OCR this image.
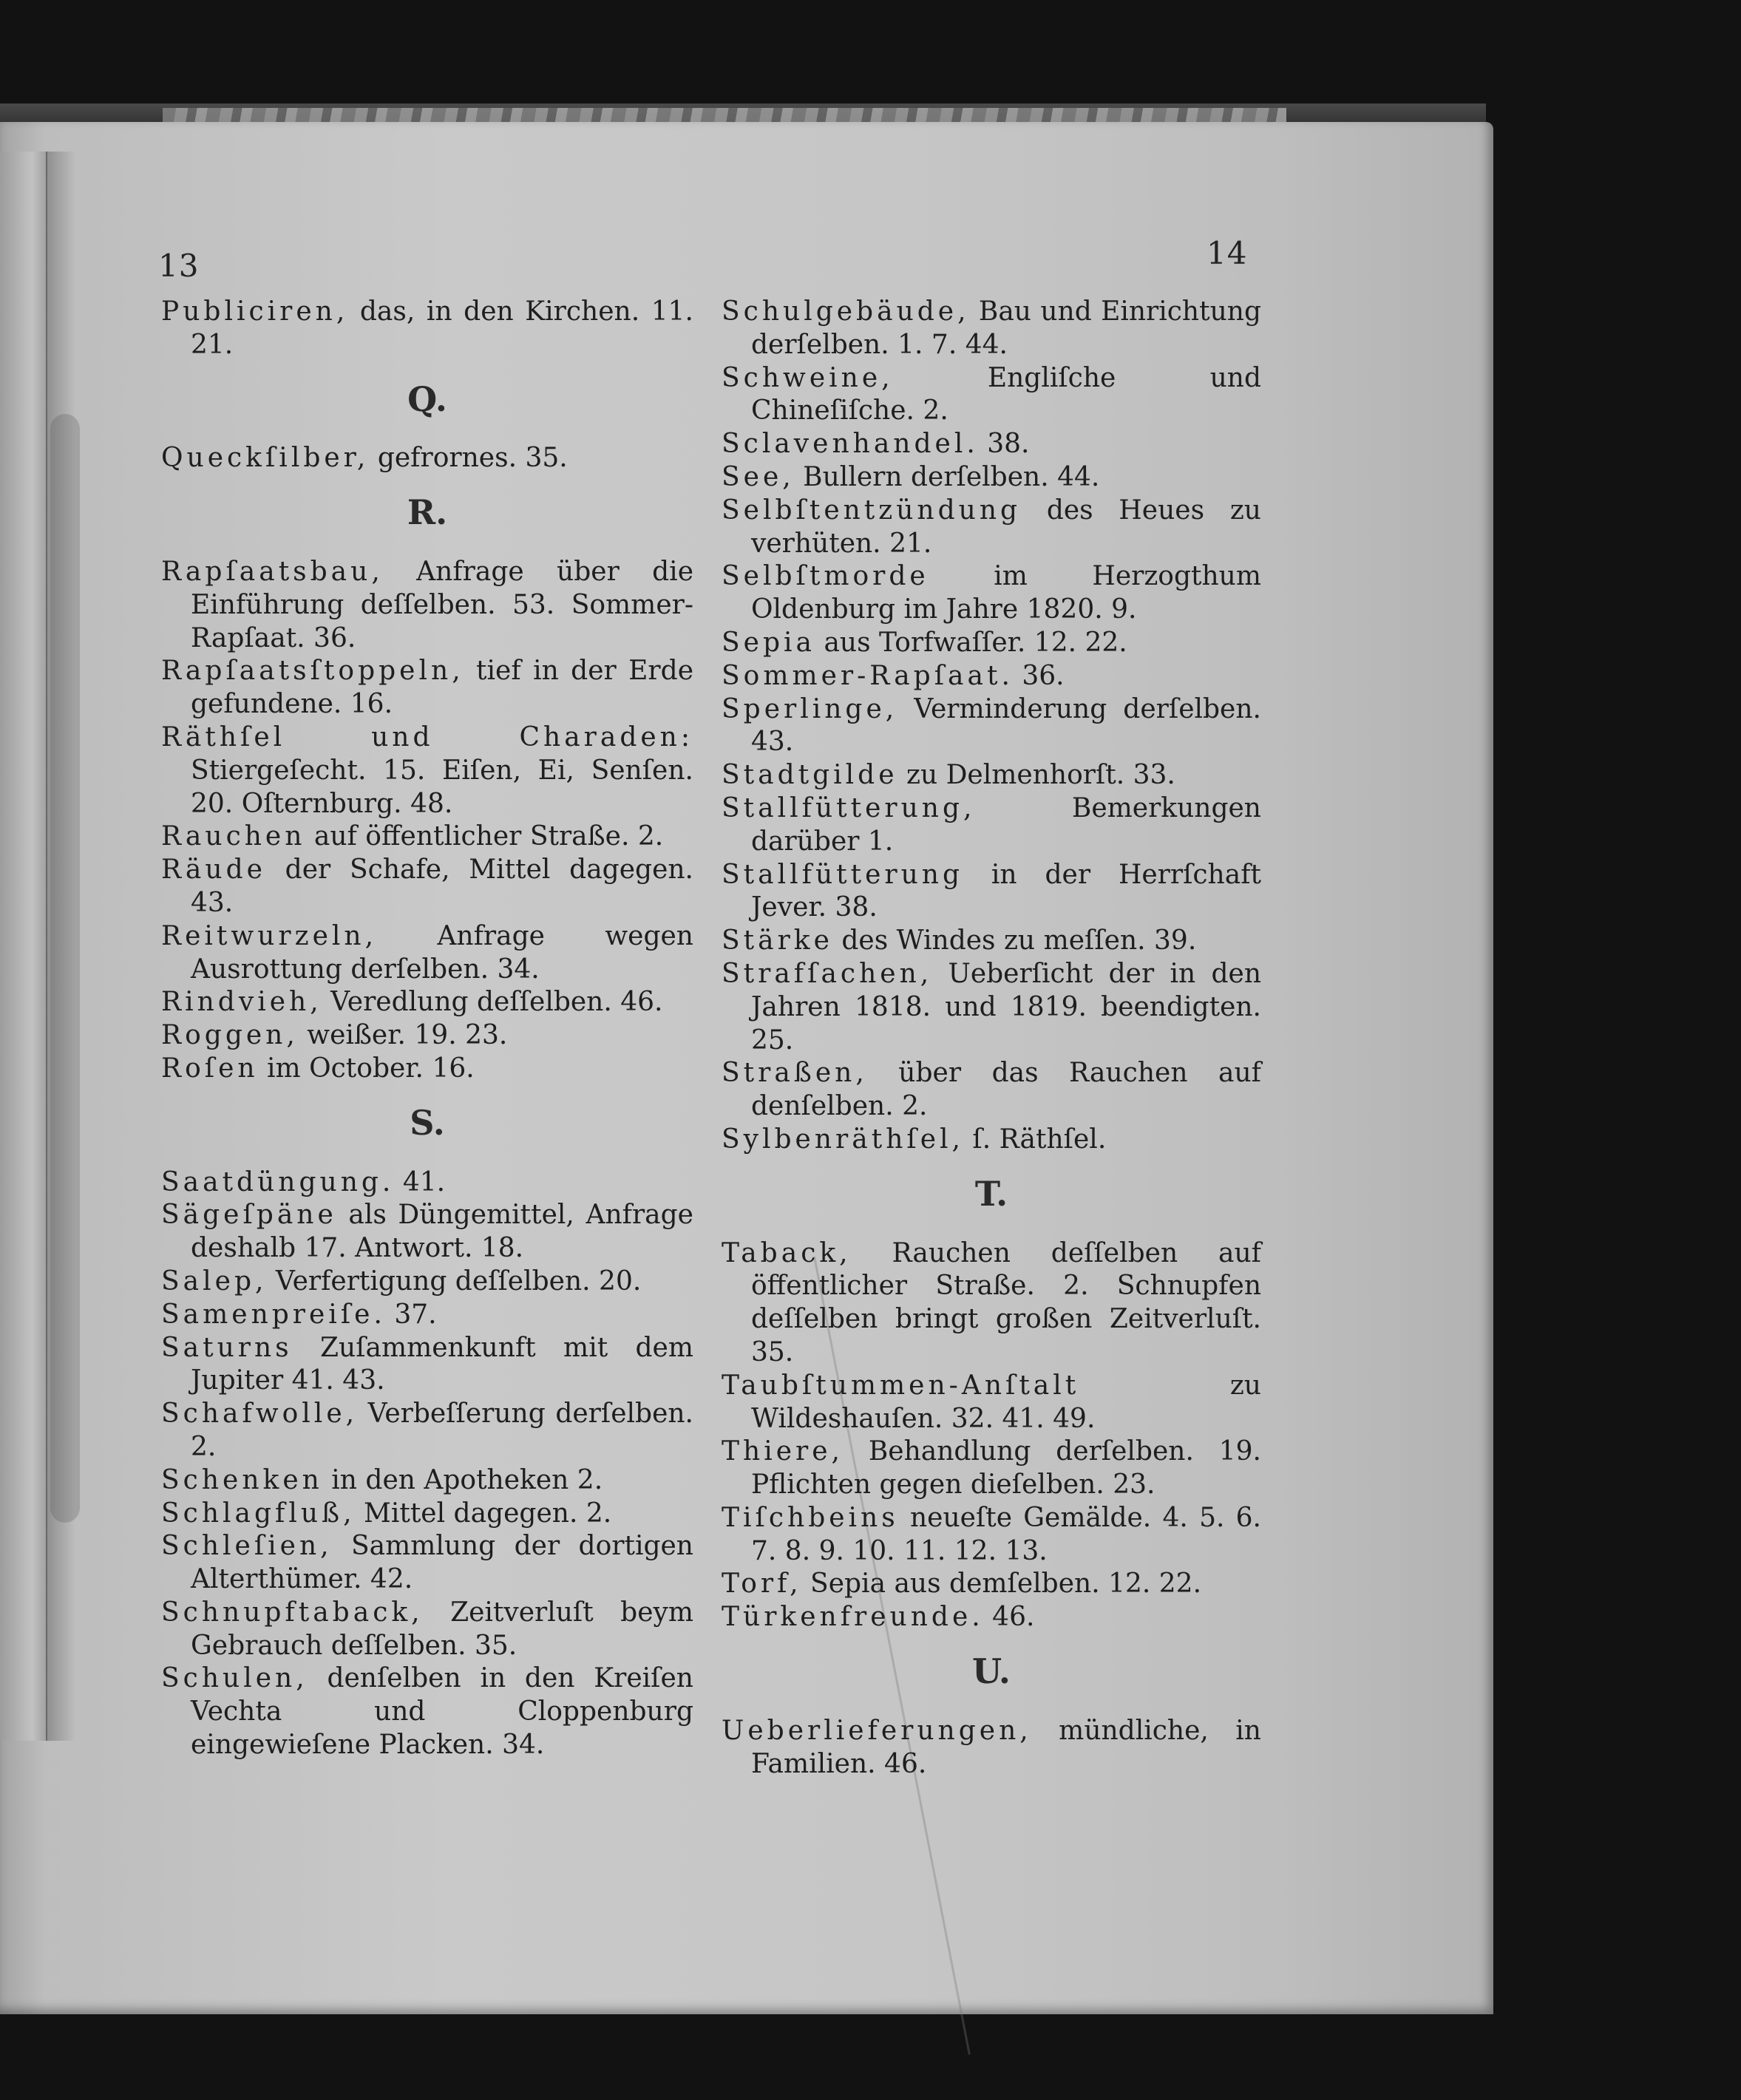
13	14

Publiciren, das, in den Kirchen. 11. 21.

Q.

Queckſilber, gefrornes. 35.

R.

Rapſaatsbau, Anfrage über die Einführung deſſelben. 53. Sommer-Rapſaat. 36.

Rapſaatsſtoppeln, tief in der Erde gefundene. 16.

Räthſel und Charaden: Stiergeſecht. 15. Eiſen, Ei, Senſen. 20. Oſternburg. 48.

Rauchen auf öffentlicher Straße. 2.

Räude der Schafe, Mittel dagegen. 43.

Reitwurzeln, Anfrage wegen Ausrottung derſelben. 34.

Rindvieh, Veredlung deſſelben. 46.

Roggen, weißer. 19. 23.

Roſen im October. 16.

S.

Saatdüngung. 41.

Sägeſpäne als Düngemittel, Anfrage deshalb 17. Antwort. 18.

Salep, Verfertigung deſſelben. 20.

Samenpreiſe. 37.

Saturns Zuſammenkunft mit dem Jupiter 41. 43.

Schafwolle, Verbeſſerung derſelben. 2.

Schenken in den Apotheken 2.

Schlagfluß, Mittel dagegen. 2.

Schleſien, Sammlung der dortigen Alterthümer. 42.

Schnupftaback, Zeitverluſt beym Gebrauch deſſelben. 35.

Schulen, denſelben in den Kreiſen Vechta und Cloppenburg eingewieſene Placken. 34.

Schulgebäude, Bau und Einrichtung derſelben. 1. 7. 44.

Schweine, Engliſche und Chineſiſche. 2.

Sclavenhandel. 38.

See, Bullern derſelben. 44.

Selbſtentzündung des Heues zu verhüten. 21.

Selbſtmorde im Herzogthum Oldenburg im Jahre 1820. 9.

Sepia aus Torfwaſſer. 12. 22.

Sommer-Rapſaat. 36.

Sperlinge, Verminderung derſelben. 43.

Stadtgilde zu Delmenhorſt. 33.

Stallfütterung, Bemerkungen darüber 1.

Stallfütterung in der Herrſchaft Jever. 38.

Stärke des Windes zu meſſen. 39.

Strafſachen, Ueberſicht der in den Jahren 1818. und 1819. beendigten. 25.

Straßen, über das Rauchen auf denſelben. 2.

Sylbenräthſel, ſ. Räthſel.

T.

Taback, Rauchen deſſelben auf öffentlicher Straße. 2. Schnupfen deſſelben bringt großen Zeitverluſt. 35.

Taubſtummen-Anſtalt zu Wildeshauſen. 32. 41. 49.

Thiere, Behandlung derſelben. 19. Pflichten gegen dieſelben. 23.

Tiſchbeins neueſte Gemälde. 4. 5. 6. 7. 8. 9. 10. 11. 12. 13.

Torf, Sepia aus demſelben. 12. 22.

Türkenfreunde. 46.

U.

Ueberlieferungen, mündliche, in Familien. 46.
